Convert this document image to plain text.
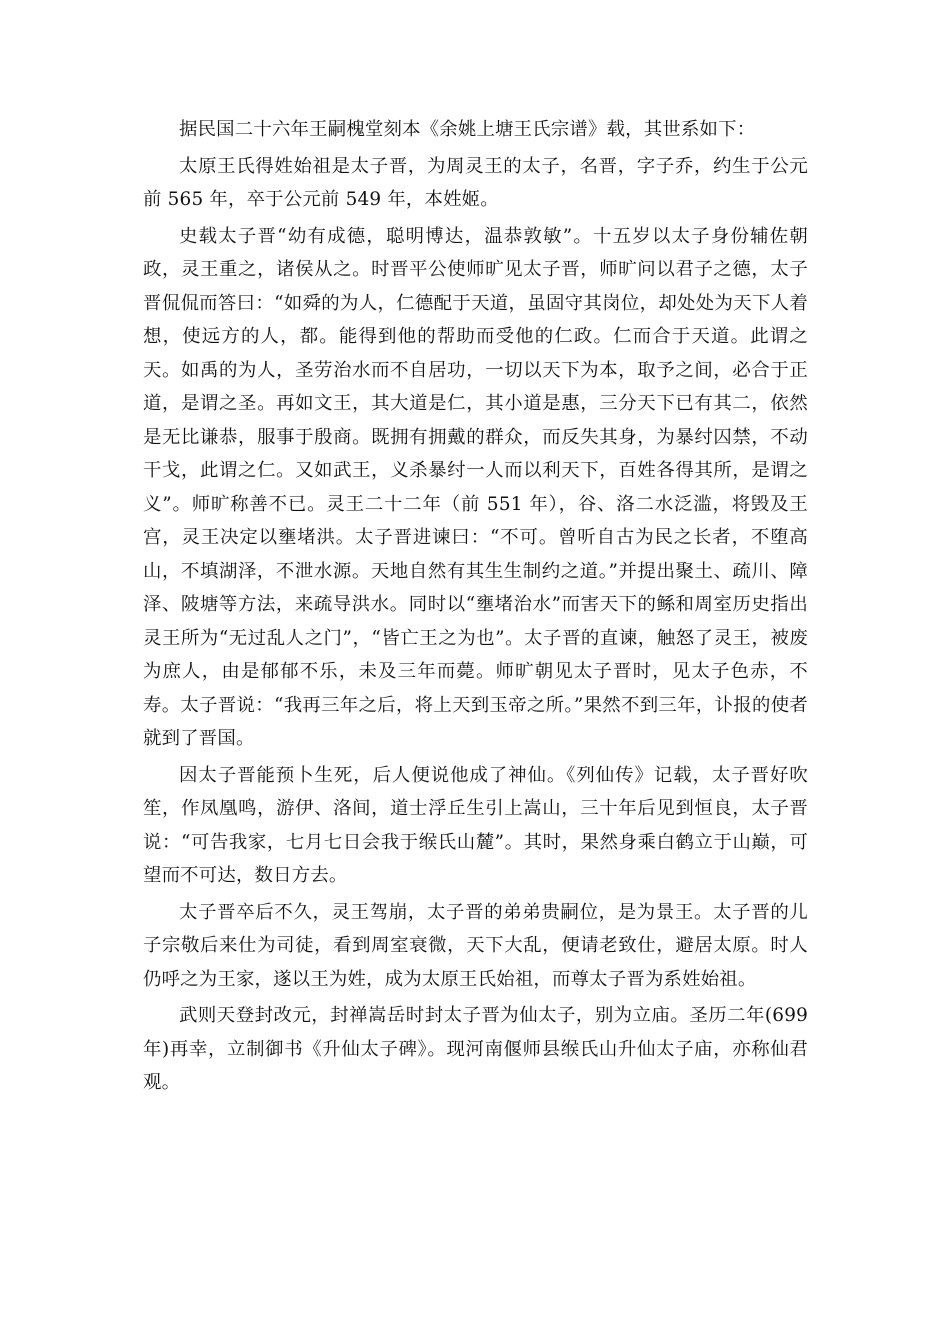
据民国二十六年王嗣槐堂刻本《余姚上塘王氏宗谱》载，其世系如下：

太原王氏得姓始祖是太子晋，为周灵王的太子，名晋，字子乔，约生于公元前 565 年，卒于公元前 549 年，本姓姬。

史载太子晋“幼有成德，聪明博达，温恭敦敏”。十五岁以太子身份辅佐朝政，灵王重之，诸侯从之。时晋平公使师旷见太子晋，师旷问以君子之德，太子晋侃侃而答曰：“如舜的为人，仁德配于天道，虽固守其岗位，却处处为天下人着想，使远方的人，都。能得到他的帮助而受他的仁政。仁而合于天道。此谓之天。如禹的为人，圣劳治水而不自居功，一切以天下为本，取予之间，必合于正道，是谓之圣。再如文王，其大道是仁，其小道是惠，三分天下已有其二，依然是无比谦恭，服事于殷商。既拥有拥戴的群众，而反失其身，为暴纣囚禁，不动干戈，此谓之仁。又如武王，义杀暴纣一人而以利天下，百姓各得其所，是谓之义”。师旷称善不已。灵王二十二年（前 551 年），谷、洛二水泛滥，将毁及王宫，灵王决定以壅堵洪。太子晋进谏曰：“不可。曾听自古为民之长者，不堕高山，不填湖泽，不泄水源。天地自然有其生生制约之道。”并提出聚土、疏川、障泽、陂塘等方法，来疏导洪水。同时以“壅堵治水”而害天下的鲧和周室历史指出灵王所为“无过乱人之门”，“皆亡王之为也”。太子晋的直谏，触怒了灵王，被废为庶人，由是郁郁不乐，未及三年而薨。师旷朝见太子晋时，见太子色赤，不寿。太子晋说：“我再三年之后，将上天到玉帝之所。”果然不到三年，讣报的使者就到了晋国。

因太子晋能预卜生死，后人便说他成了神仙。《列仙传》记载，太子晋好吹笙，作凤凰鸣，游伊、洛间，道士浮丘生引上嵩山，三十年后见到恒良，太子晋说：“可告我家，七月七日会我于缑氏山麓”。其时，果然身乘白鹤立于山巅，可望而不可达，数日方去。

太子晋卒后不久，灵王驾崩，太子晋的弟弟贵嗣位，是为景王。太子晋的儿子宗敬后来仕为司徒，看到周室衰微，天下大乱，便请老致仕，避居太原。时人仍呼之为王家，遂以王为姓，成为太原王氏始祖，而尊太子晋为系姓始祖。

武则天登封改元，封禅嵩岳时封太子晋为仙太子，别为立庙。圣历二年(699年)再幸，立制御书《升仙太子碑》。现河南偃师县缑氏山升仙太子庙，亦称仙君观。
